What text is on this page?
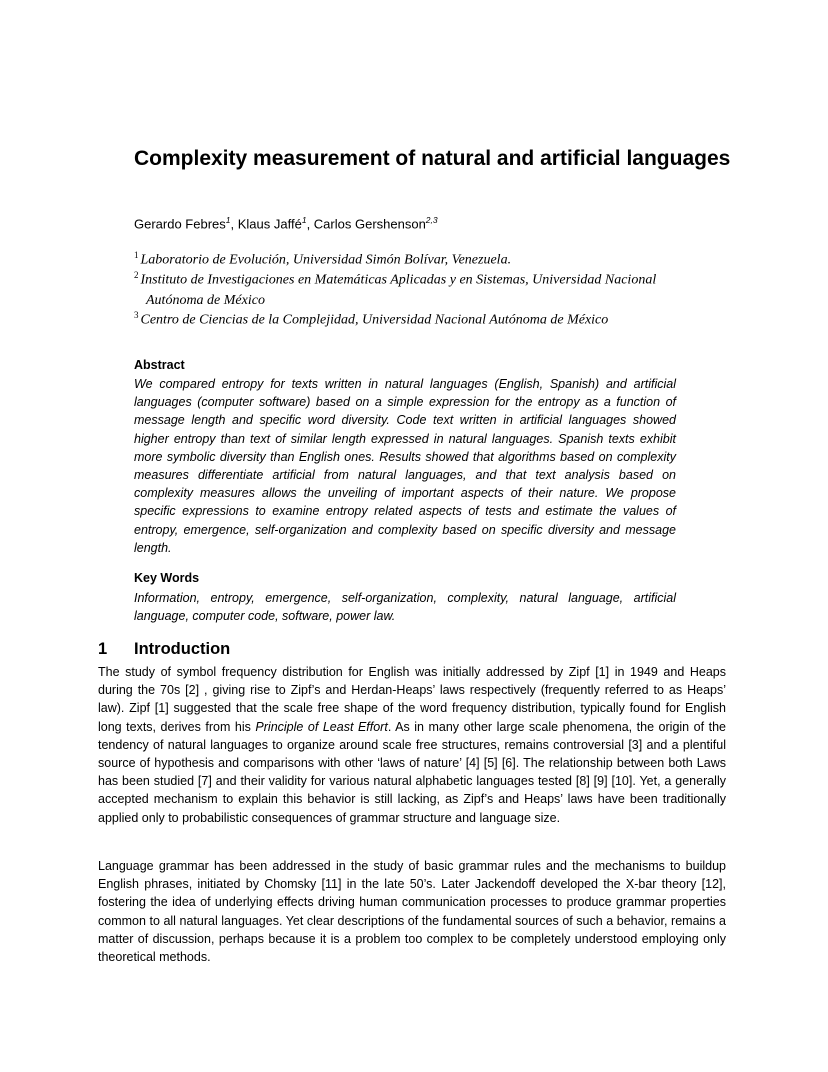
Complexity measurement of natural and artificial languages
Gerardo Febres$^1$, Klaus Jaffé$^1$, Carlos Gershenson$^{2,3}$
$^1$ Laboratorio de Evolución, Universidad Simón Bolívar, Venezuela.
$^2$ Instituto de Investigaciones en Matemáticas Aplicadas y en Sistemas, Universidad Nacional
Autónoma de México
$^3$ Centro de Ciencias de la Complejidad, Universidad Nacional Autónoma de México
Abstract
We compared entropy for texts written in natural languages (English, Spanish) and artificial languages (computer software) based on a simple expression for the entropy as a function of message length and specific word diversity. Code text written in artificial languages showed higher entropy than text of similar length expressed in natural languages. Spanish texts exhibit more symbolic diversity than English ones. Results showed that algorithms based on complexity measures differentiate artificial from natural languages, and that text analysis based on complexity measures allows the unveiling of important aspects of their nature. We propose specific expressions to examine entropy related aspects of tests and estimate the values of entropy, emergence, self-organization and complexity based on specific diversity and message length.
Key Words
Information, entropy, emergence, self-organization, complexity, natural language, artificial language, computer code, software, power law.
1 Introduction
The study of symbol frequency distribution for English was initially addressed by Zipf [1] in 1949 and Heaps during the 70s [2] , giving rise to Zipf’s and Herdan-Heaps’ laws respectively (frequently referred to as Heaps’ law). Zipf [1] suggested that the scale free shape of the word frequency distribution, typically found for English long texts, derives from his Principle of Least Effort. As in many other large scale phenomena, the origin of the tendency of natural languages to organize around scale free structures, remains controversial [3] and a plentiful source of hypothesis and comparisons with other ‘laws of nature’ [4] [5] [6]. The relationship between both Laws has been studied [7] and their validity for various natural alphabetic languages tested [8] [9] [10]. Yet, a generally accepted mechanism to explain this behavior is still lacking, as Zipf’s and Heaps’ laws have been traditionally applied only to probabilistic consequences of grammar structure and language size.
Language grammar has been addressed in the study of basic grammar rules and the mechanisms to buildup English phrases, initiated by Chomsky [11] in the late 50’s. Later Jackendoff developed the X-bar theory [12], fostering the idea of underlying effects driving human communication processes to produce grammar properties common to all natural languages. Yet clear descriptions of the fundamental sources of such a behavior, remains a matter of discussion, perhaps because it is a problem too complex to be completely understood employing only theoretical methods.
